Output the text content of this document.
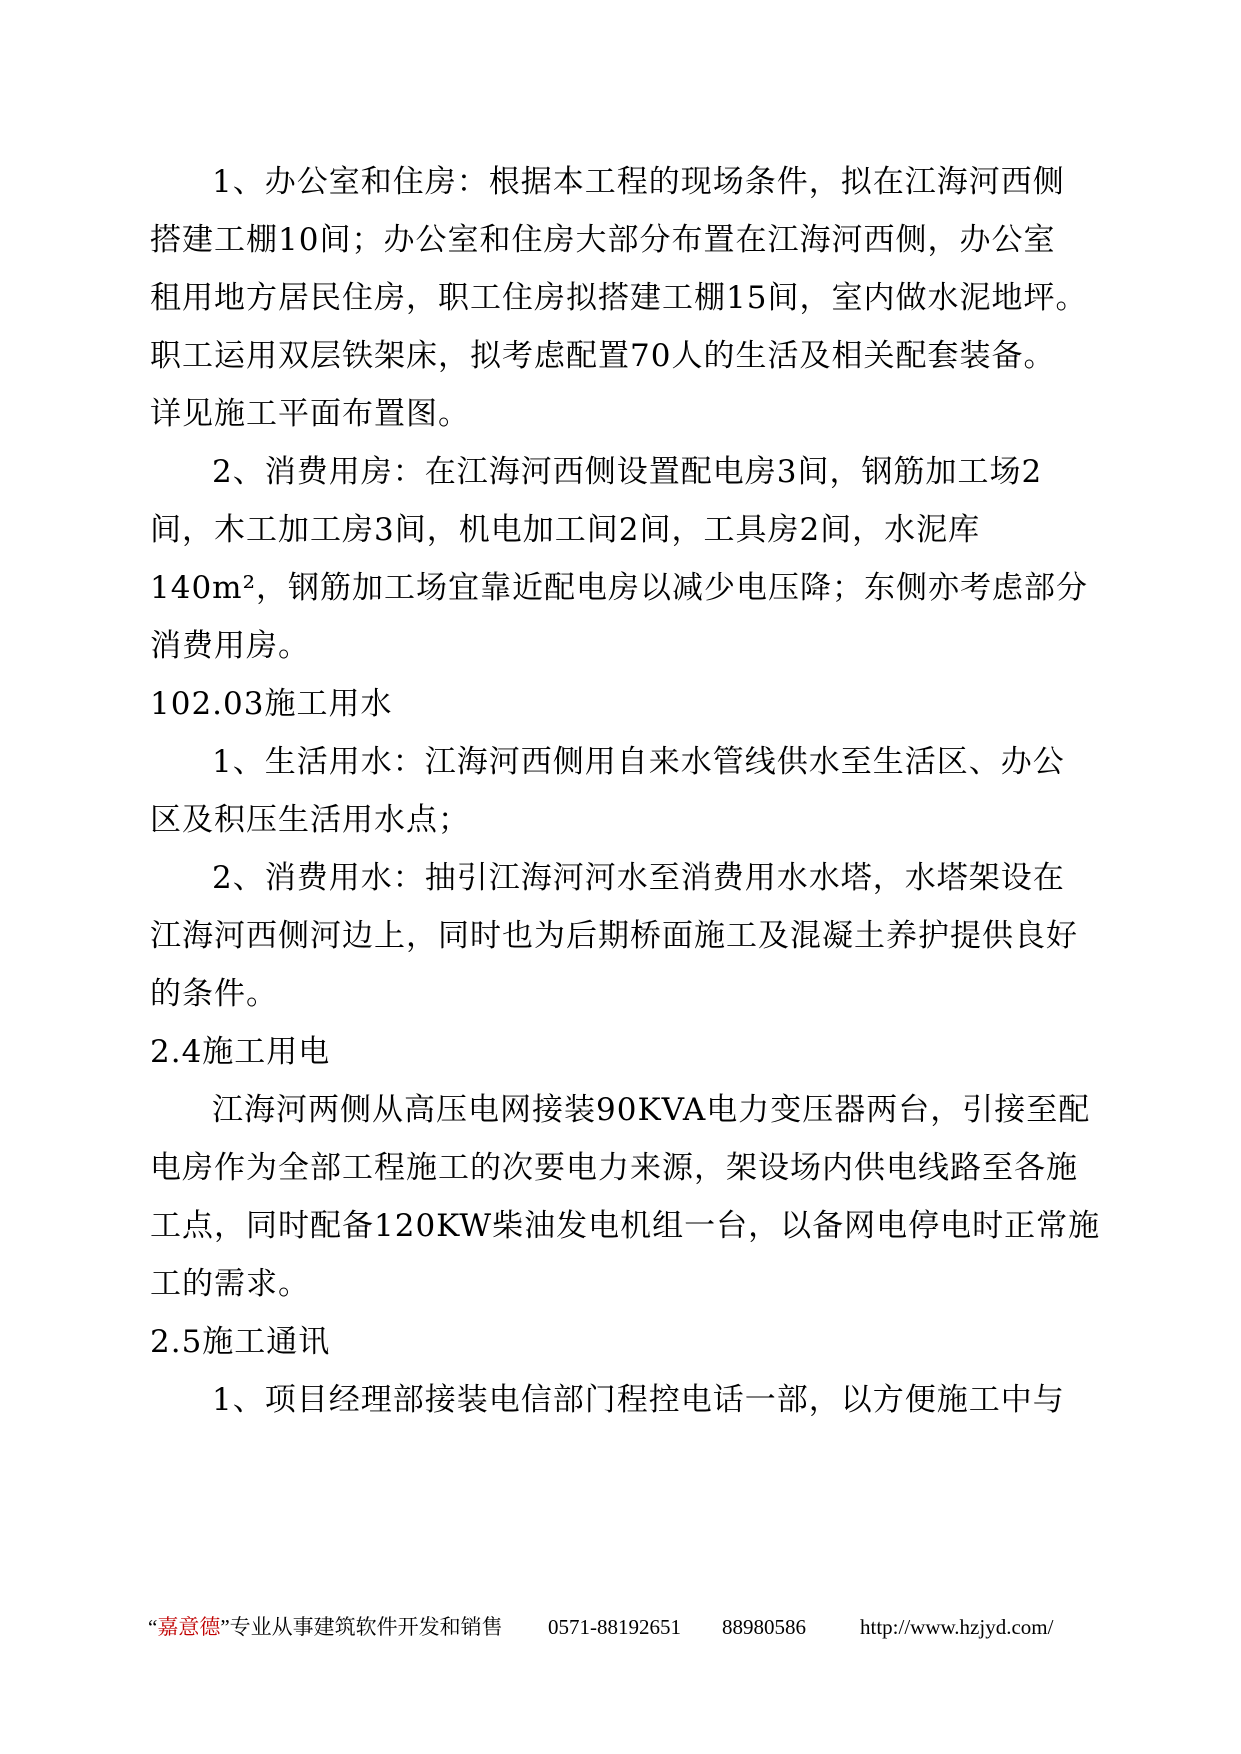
1、办公室和住房：根据本工程的现场条件，拟在江海河西侧
搭建工棚10间；办公室和住房大部分布置在江海河西侧，办公室
租用地方居民住房，职工住房拟搭建工棚15间，室内做水泥地坪。
职工运用双层铁架床，拟考虑配置70人的生活及相关配套装备。
详见施工平面布置图。
2、消费用房：在江海河西侧设置配电房3间，钢筋加工场2
间，木工加工房3间，机电加工间2间，工具房2间，水泥库
140m²，钢筋加工场宜靠近配电房以减少电压降；东侧亦考虑部分
消费用房。
102.03施工用水
1、生活用水：江海河西侧用自来水管线供水至生活区、办公
区及积压生活用水点；
2、消费用水：抽引江海河河水至消费用水水塔，水塔架设在
江海河西侧河边上，同时也为后期桥面施工及混凝土养护提供良好
的条件。
2.4施工用电
江海河两侧从高压电网接装90KVA电力变压器两台，引接至配
电房作为全部工程施工的次要电力来源，架设场内供电线路至各施
工点，同时配备120KW柴油发电机组一台，以备网电停电时正常施
工的需求。
2.5施工通讯
1、项目经理部接装电信部门程控电话一部，以方便施工中与
“嘉意德”专业从事建筑软件开发和销售 0571-88192651 88980586	http://www.hzjyd.com/
